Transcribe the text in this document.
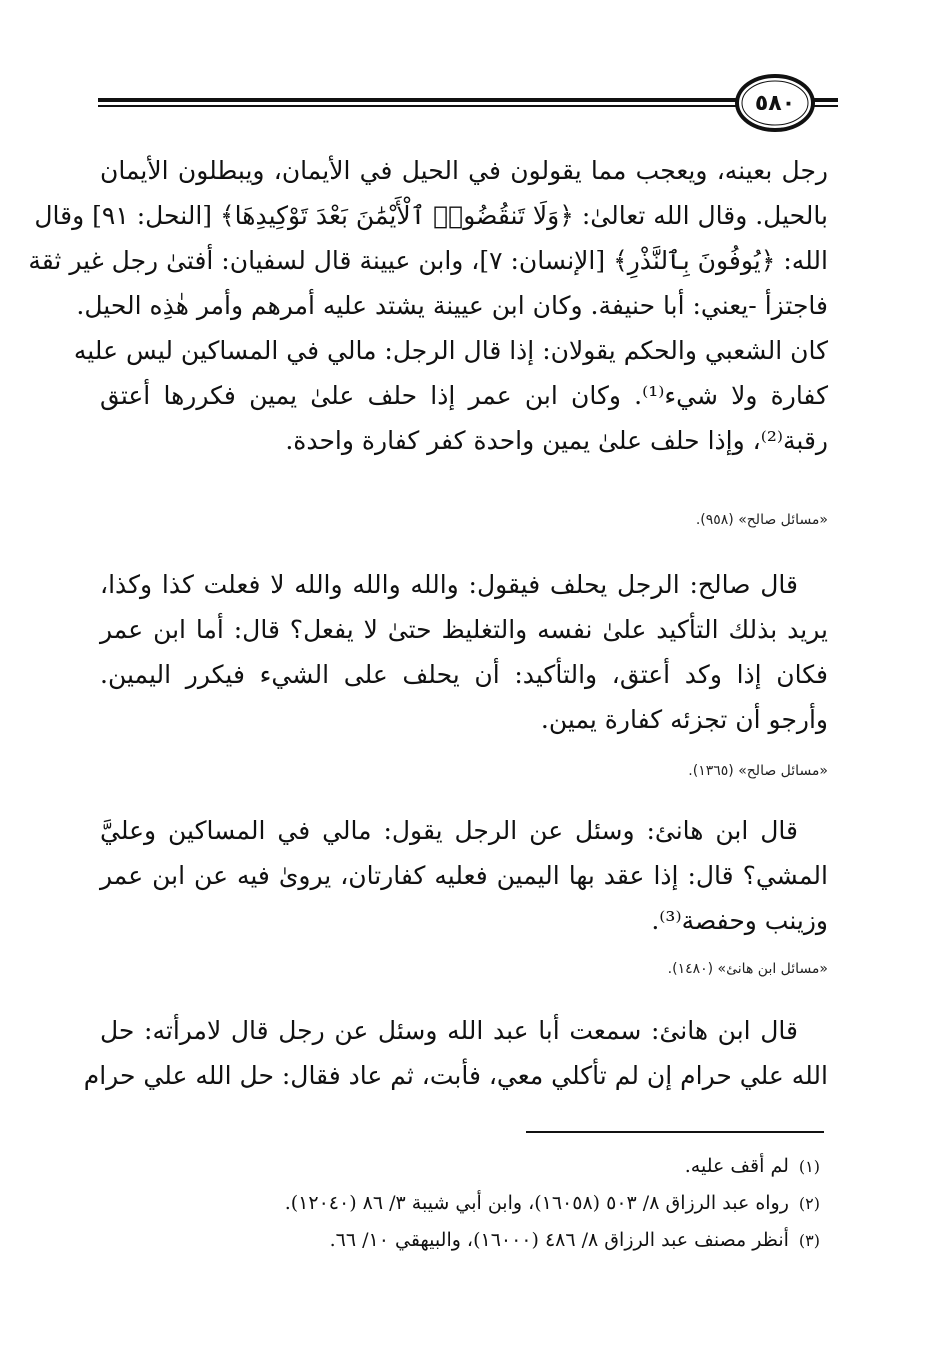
٥٨٠
رجل بعينه، ويعجب مما يقولون في الحيل في الأيمان، ويبطلون الأيمان
بالحيل. وقال الله تعالىٰ: ﴿وَلَا تَنقُضُوا۟ ٱلْأَيْمَٰنَ بَعْدَ تَوْكِيدِهَا﴾ [النحل: ٩١] وقال
الله: ﴿يُوفُونَ بِٱلنَّذْرِ﴾ [الإنسان: ٧]، وابن عيينة قال لسفيان: أفتىٰ رجل غير ثقة
فاجتزأ -يعني: أبا حنيفة. وكان ابن عيينة يشتد عليه أمرهم وأمر هٰذِه الحيل.
كان الشعبي والحكم يقولان: إذا قال الرجل: مالي في المساكين ليس عليه
كفارة ولا شيء⁽¹⁾. وكان ابن عمر إذا حلف علىٰ يمين فكررها أعتق
رقبة⁽²⁾، وإذا حلف علىٰ يمين واحدة كفر كفارة واحدة.
«مسائل صالح» (٩٥٨).
قال صالح: الرجل يحلف فيقول: والله والله والله لا فعلت كذا وكذا،
يريد بذلك التأكيد علىٰ نفسه والتغليظ حتىٰ لا يفعل؟ قال: أما ابن عمر
فكان إذا وكد أعتق، والتأكيد: أن يحلف على الشيء فيكرر اليمين.
وأرجو أن تجزئه كفارة يمين.
«مسائل صالح» (١٣٦٥).
قال ابن هانئ: وسئل عن الرجل يقول: مالي في المساكين وعليَّ
المشي؟ قال: إذا عقد بها اليمين فعليه كفارتان، يروىٰ فيه عن ابن عمر
وزينب وحفصة⁽³⁾.
«مسائل ابن هانئ» (١٤٨٠).
قال ابن هانئ: سمعت أبا عبد الله وسئل عن رجل قال لامرأته: حل
الله علي حرام إن لم تأكلي معي، فأبت، ثم عاد فقال: حل الله علي حرام
(١)لم أقف عليه.
(٢)رواه عبد الرزاق ٨/ ٥٠٣ (١٦٠٥٨)، وابن أبي شيبة ٣/ ٨٦ (١٢٠٤٠).
(٣)أنظر مصنف عبد الرزاق ٨/ ٤٨٦ (١٦٠٠٠)، والبيهقي ١٠/ ٦٦.
